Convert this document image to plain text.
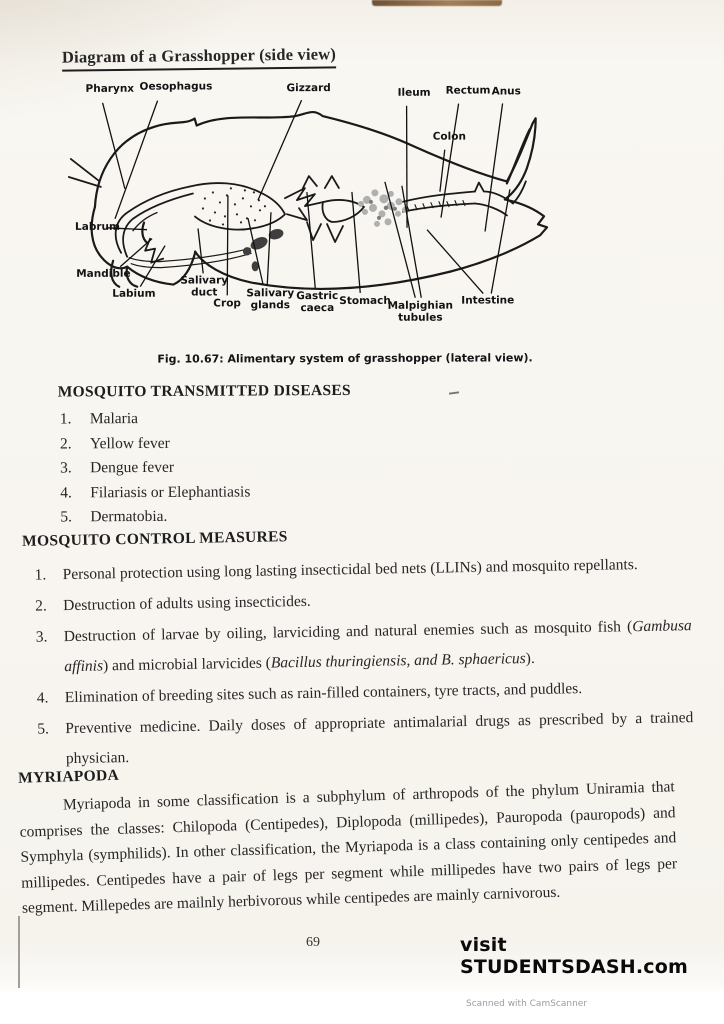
Diagram of a Grasshopper (side view)
Pharynx Oesophagus	Gizzard	Ileum Rectum Anus
Colon
Labrum
Mandible
Labium
Salivary duct
Crop
Salivary glands
Gastric caeca
Stomach
Malpighian tubules
Intestine
Fig. 10.67: Alimentary system of grasshopper (lateral view).
MOSQUITO TRANSMITTED DISEASES
1. Malaria
2. Yellow fever
3. Dengue fever
4. Filariasis or Elephantiasis
5. Dermatobia.
MOSQUITO CONTROL MEASURES
1. Personal protection using long lasting insecticidal bed nets (LLINs) and mosquito repellants.
2. Destruction of adults using insecticides.
3. Destruction of larvae by oiling, larviciding and natural enemies such as mosquito fish (Gambusa affinis) and microbial larvicides (Bacillus thuringiensis, and B. sphaericus).
4. Elimination of breeding sites such as rain-filled containers, tyre tracts, and puddles.
5. Preventive medicine. Daily doses of appropriate antimalarial drugs as prescribed by a trained physician.
MYRIAPODA

Myriapoda in some classification is a subphylum of arthropods of the phylum Uniramia that comprises the classes: Chilopoda (Centipedes), Diplopoda (millipedes), Pauropoda (pauropods) and Symphyla (symphilids). In other classification, the Myriapoda is a class containing only centipedes and millipedes. Centipedes have a pair of legs per segment while millipedes have two pairs of legs per segment. Millepedes are mailnly herbivorous while centipedes are mainly carnivorous.

69	visit STUDENTSDASH.com
Scanned with CamScanner
